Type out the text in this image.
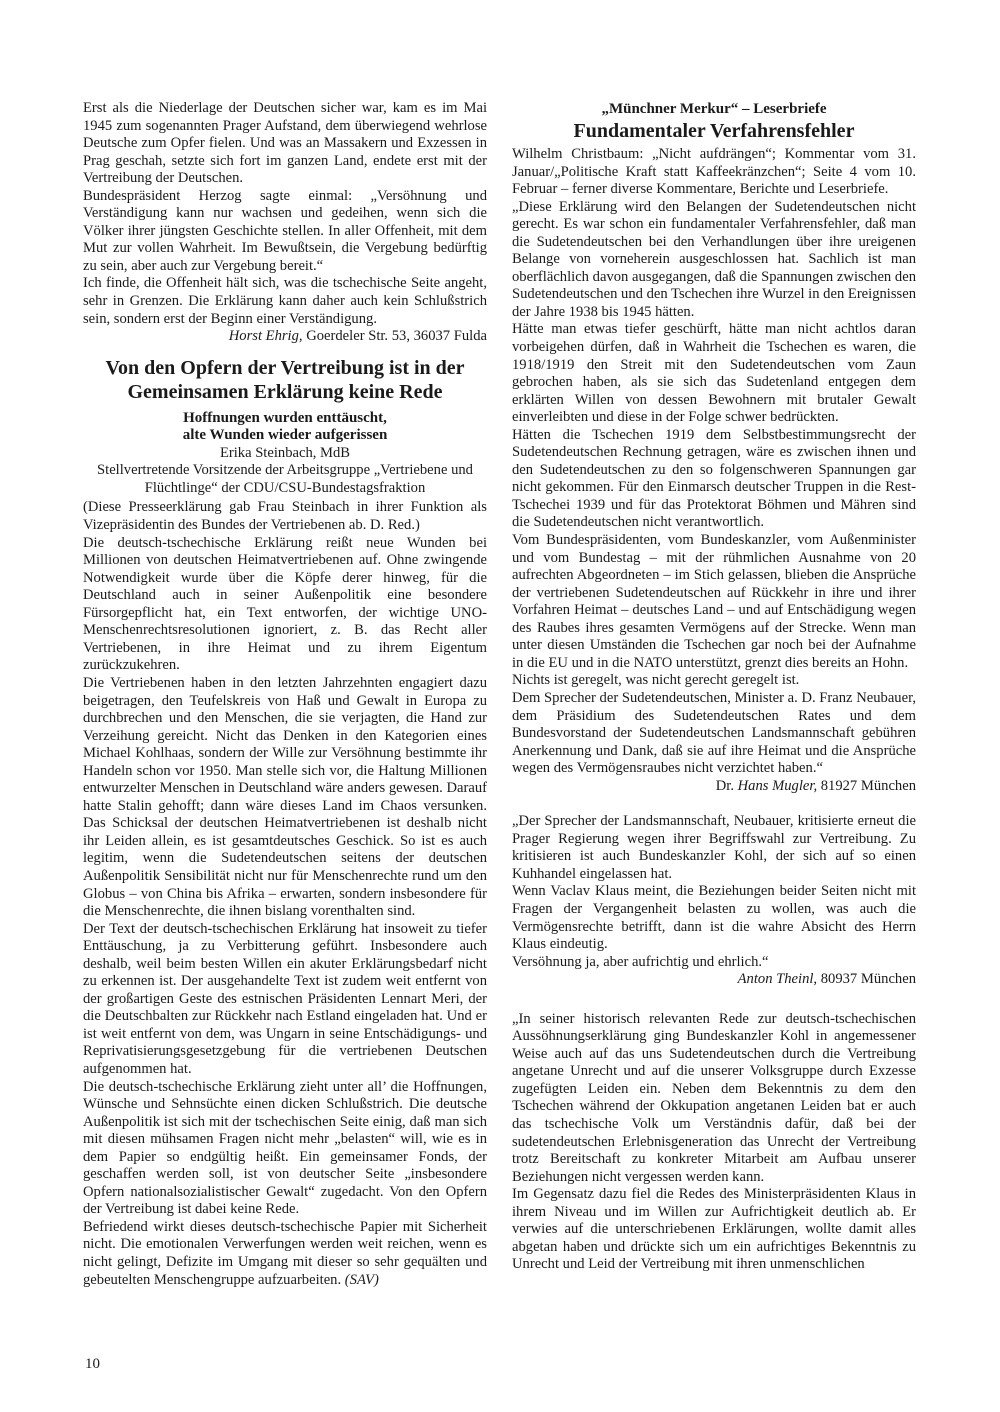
Erst als die Niederlage der Deutschen sicher war, kam es im Mai 1945 zum sogenannten Prager Aufstand, dem überwiegend wehrlose Deutsche zum Opfer fielen. Und was an Massakern und Exzessen in Prag geschah, setzte sich fort im ganzen Land, endete erst mit der Vertreibung der Deutschen.

Bundespräsident Herzog sagte einmal: „Versöhnung und Verständigung kann nur wachsen und gedeihen, wenn sich die Völker ihrer jüngsten Geschichte stellen. In aller Offenheit, mit dem Mut zur vollen Wahrheit. Im Bewußtsein, die Vergebung bedürftig zu sein, aber auch zur Vergebung bereit.“

Ich finde, die Offenheit hält sich, was die tschechische Seite angeht, sehr in Grenzen. Die Erklärung kann daher auch kein Schlußstrich sein, sondern erst der Beginn einer Verständigung.

Horst Ehrig, Goerdeler Str. 53, 36037 Fulda

Von den Opfern der Vertreibung ist in der Gemeinsamen Erklärung keine Rede
Hoffnungen wurden enttäuscht,
alte Wunden wieder aufgerissen

Erika Steinbach, MdB

Stellvertretende Vorsitzende der Arbeitsgruppe „Vertriebene und Flüchtlinge“ der CDU/CSU-Bundestagsfraktion

(Diese Presseerklärung gab Frau Steinbach in ihrer Funktion als Vizepräsidentin des Bundes der Vertriebenen ab. D. Red.)

Die deutsch-tschechische Erklärung reißt neue Wunden bei Millionen von deutschen Heimatvertriebenen auf. Ohne zwingende Notwendigkeit wurde über die Köpfe derer hinweg, für die Deutschland auch in seiner Außenpolitik eine besondere Fürsorgepflicht hat, ein Text entworfen, der wichtige UNO-Menschenrechtsresolutionen ignoriert, z. B. das Recht aller Vertriebenen, in ihre Heimat und zu ihrem Eigentum zurückzukehren.

Die Vertriebenen haben in den letzten Jahrzehnten engagiert dazu beigetragen, den Teufelskreis von Haß und Gewalt in Europa zu durchbrechen und den Menschen, die sie verjagten, die Hand zur Verzeihung gereicht. Nicht das Denken in den Kategorien eines Michael Kohlhaas, sondern der Wille zur Versöhnung bestimmte ihr Handeln schon vor 1950. Man stelle sich vor, die Haltung Millionen entwurzelter Menschen in Deutschland wäre anders gewesen. Darauf hatte Stalin gehofft; dann wäre dieses Land im Chaos versunken. Das Schicksal der deutschen Heimatvertriebenen ist deshalb nicht ihr Leiden allein, es ist gesamtdeutsches Geschick. So ist es auch legitim, wenn die Sudetendeutschen seitens der deutschen Außenpolitik Sensibilität nicht nur für Menschenrechte rund um den Globus – von China bis Afrika – erwarten, sondern insbesondere für die Menschenrechte, die ihnen bislang vorenthalten sind.

Der Text der deutsch-tschechischen Erklärung hat insoweit zu tiefer Enttäuschung, ja zu Verbitterung geführt. Insbesondere auch deshalb, weil beim besten Willen ein akuter Erklärungsbedarf nicht zu erkennen ist. Der ausgehandelte Text ist zudem weit entfernt von der großartigen Geste des estnischen Präsidenten Lennart Meri, der die Deutschbalten zur Rückkehr nach Estland eingeladen hat. Und er ist weit entfernt von dem, was Ungarn in seine Entschädigungs- und Reprivatisierungsgesetzgebung für die vertriebenen Deutschen aufgenommen hat.

Die deutsch-tschechische Erklärung zieht unter all’ die Hoffnungen, Wünsche und Sehnsüchte einen dicken Schlußstrich. Die deutsche Außenpolitik ist sich mit der tschechischen Seite einig, daß man sich mit diesen mühsamen Fragen nicht mehr „belasten“ will, wie es in dem Papier so endgültig heißt. Ein gemeinsamer Fonds, der geschaffen werden soll, ist von deutscher Seite „insbesondere Opfern nationalsozialistischer Gewalt“ zugedacht. Von den Opfern der Vertreibung ist dabei keine Rede.

Befriedend wirkt dieses deutsch-tschechische Papier mit Sicherheit nicht. Die emotionalen Verwerfungen werden weit reichen, wenn es nicht gelingt, Defizite im Umgang mit dieser so sehr gequälten und gebeutelten Menschengruppe aufzuarbeiten. (SAV)

„Münchner Merkur“ – Leserbriefe
Fundamentaler Verfahrensfehler

Wilhelm Christbaum: „Nicht aufdrängen“; Kommentar vom 31. Januar/„Politische Kraft statt Kaffeekränzchen“; Seite 4 vom 10. Februar – ferner diverse Kommentare, Berichte und Leserbriefe.

„Diese Erklärung wird den Belangen der Sudetendeutschen nicht gerecht. Es war schon ein fundamentaler Verfahrensfehler, daß man die Sudetendeutschen bei den Verhandlungen über ihre ureigenen Belange von vorneherein ausgeschlossen hat. Sachlich ist man oberflächlich davon ausgegangen, daß die Spannungen zwischen den Sudetendeutschen und den Tschechen ihre Wurzel in den Ereignissen der Jahre 1938 bis 1945 hätten.

Hätte man etwas tiefer geschürft, hätte man nicht achtlos daran vorbeigehen dürfen, daß in Wahrheit die Tschechen es waren, die 1918/1919 den Streit mit den Sudetendeutschen vom Zaun gebrochen haben, als sie sich das Sudetenland entgegen dem erklärten Willen von dessen Bewohnern mit brutaler Gewalt einverleibten und diese in der Folge schwer bedrückten.

Hätten die Tschechen 1919 dem Selbstbestimmungsrecht der Sudetendeutschen Rechnung getragen, wäre es zwischen ihnen und den Sudetendeutschen zu den so folgenschweren Spannungen gar nicht gekommen. Für den Einmarsch deutscher Truppen in die Rest-Tschechei 1939 und für das Protektorat Böhmen und Mähren sind die Sudetendeutschen nicht verantwortlich.

Vom Bundespräsidenten, vom Bundeskanzler, vom Außenminister und vom Bundestag – mit der rühmlichen Ausnahme von 20 aufrechten Abgeordneten – im Stich gelassen, blieben die Ansprüche der vertriebenen Sudetendeutschen auf Rückkehr in ihre und ihrer Vorfahren Heimat – deutsches Land – und auf Entschädigung wegen des Raubes ihres gesamten Vermögens auf der Strecke. Wenn man unter diesen Umständen die Tschechen gar noch bei der Aufnahme in die EU und in die NATO unterstützt, grenzt dies bereits an Hohn.

Nichts ist geregelt, was nicht gerecht geregelt ist.

Dem Sprecher der Sudetendeutschen, Minister a. D. Franz Neubauer, dem Präsidium des Sudetendeutschen Rates und dem Bundesvorstand der Sudetendeutschen Landsmannschaft gebühren Anerkennung und Dank, daß sie auf ihre Heimat und die Ansprüche wegen des Vermögensraubes nicht verzichtet haben.“

Dr. Hans Mugler, 81927 München

„Der Sprecher der Landsmannschaft, Neubauer, kritisierte erneut die Prager Regierung wegen ihrer Begriffswahl zur Vertreibung. Zu kritisieren ist auch Bundeskanzler Kohl, der sich auf so einen Kuhhandel eingelassen hat.

Wenn Vaclav Klaus meint, die Beziehungen beider Seiten nicht mit Fragen der Vergangenheit belasten zu wollen, was auch die Vermögensrechte betrifft, dann ist die wahre Absicht des Herrn Klaus eindeutig.

Versöhnung ja, aber aufrichtig und ehrlich.“

Anton Theinl, 80937 München

„In seiner historisch relevanten Rede zur deutsch-tschechischen Aussöhnungserklärung ging Bundeskanzler Kohl in angemessener Weise auch auf das uns Sudetendeutschen durch die Vertreibung angetane Unrecht und auf die unserer Volksgruppe durch Exzesse zugefügten Leiden ein. Neben dem Bekenntnis zu dem den Tschechen während der Okkupation angetanen Leiden bat er auch das tschechische Volk um Verständnis dafür, daß bei der sudetendeutschen Erlebnisgeneration das Unrecht der Vertreibung trotz Bereitschaft zu konkreter Mitarbeit am Aufbau unserer Beziehungen nicht vergessen werden kann.

Im Gegensatz dazu fiel die Redes des Ministerpräsidenten Klaus in ihrem Niveau und im Willen zur Aufrichtigkeit deutlich ab. Er verwies auf die unterschriebenen Erklärungen, wollte damit alles abgetan haben und drückte sich um ein aufrichtiges Bekenntnis zu Unrecht und Leid der Vertreibung mit ihren unmenschlichen

10
